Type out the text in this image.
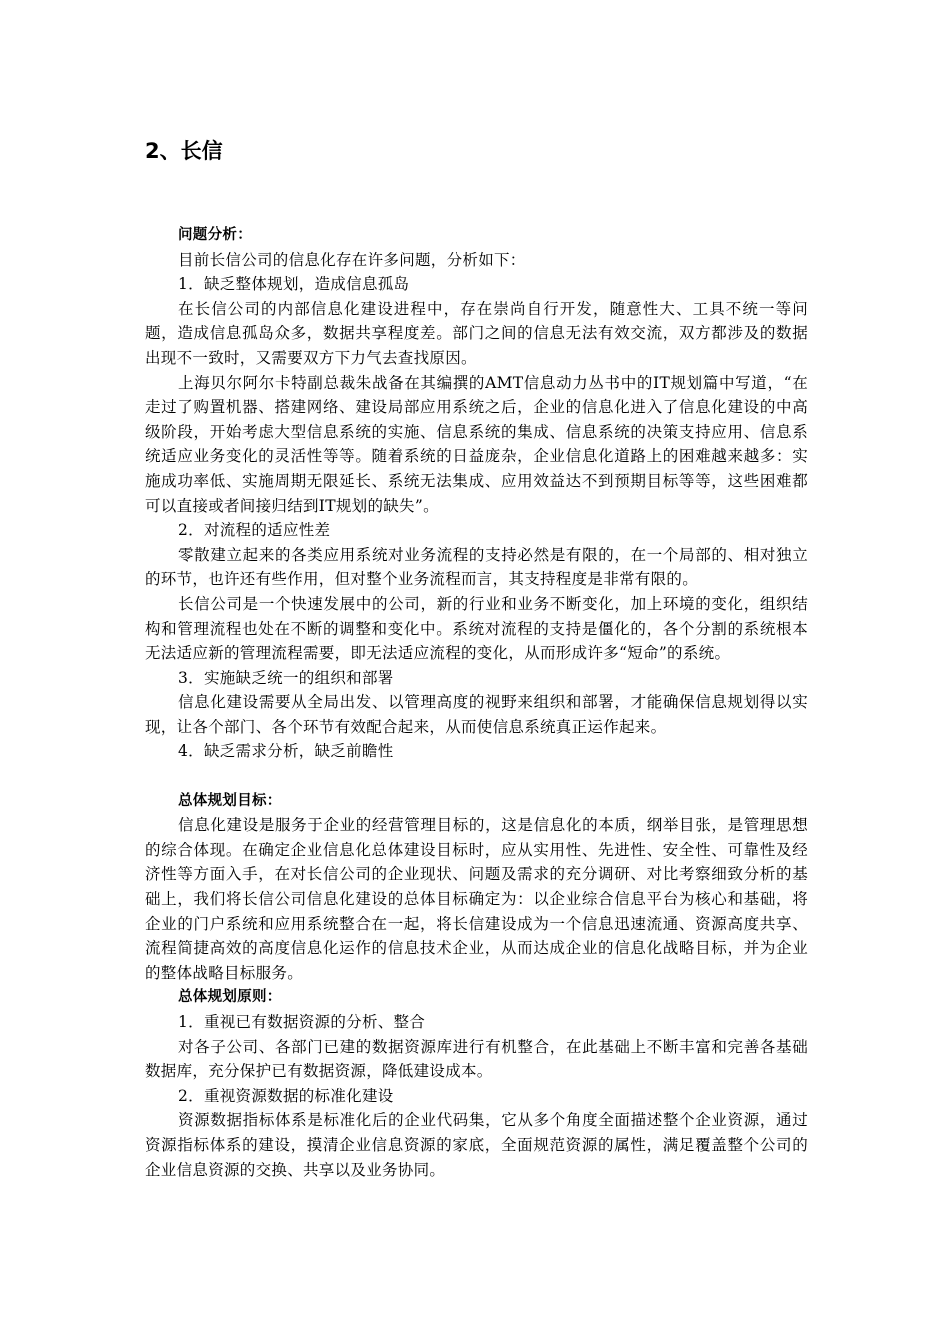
2、长信

问题分析：

目前长信公司的信息化存在许多问题，分析如下：

1．缺乏整体规划，造成信息孤岛

在长信公司的内部信息化建设进程中，存在崇尚自行开发，随意性大、工具不统一等问题，造成信息孤岛众多，数据共享程度差。部门之间的信息无法有效交流，双方都涉及的数据出现不一致时，又需要双方下力气去查找原因。

上海贝尔阿尔卡特副总裁朱战备在其编撰的AMT信息动力丛书中的IT规划篇中写道，“在走过了购置机器、搭建网络、建设局部应用系统之后，企业的信息化进入了信息化建设的中高级阶段，开始考虑大型信息系统的实施、信息系统的集成、信息系统的决策支持应用、信息系统适应业务变化的灵活性等等。随着系统的日益庞杂，企业信息化道路上的困难越来越多：实施成功率低、实施周期无限延长、系统无法集成、应用效益达不到预期目标等等，这些困难都可以直接或者间接归结到IT规划的缺失”。

2．对流程的适应性差

零散建立起来的各类应用系统对业务流程的支持必然是有限的，在一个局部的、相对独立的环节，也许还有些作用，但对整个业务流程而言，其支持程度是非常有限的。

长信公司是一个快速发展中的公司，新的行业和业务不断变化，加上环境的变化，组织结构和管理流程也处在不断的调整和变化中。系统对流程的支持是僵化的，各个分割的系统根本无法适应新的管理流程需要，即无法适应流程的变化，从而形成许多“短命”的系统。

3．实施缺乏统一的组织和部署

信息化建设需要从全局出发、以管理高度的视野来组织和部署，才能确保信息规划得以实现，让各个部门、各个环节有效配合起来，从而使信息系统真正运作起来。

4．缺乏需求分析，缺乏前瞻性

总体规划目标：

信息化建设是服务于企业的经营管理目标的，这是信息化的本质，纲举目张，是管理思想的综合体现。在确定企业信息化总体建设目标时，应从实用性、先进性、安全性、可靠性及经济性等方面入手，在对长信公司的企业现状、问题及需求的充分调研、对比考察细致分析的基础上，我们将长信公司信息化建设的总体目标确定为：以企业综合信息平台为核心和基础，将企业的门户系统和应用系统整合在一起，将长信建设成为一个信息迅速流通、资源高度共享、流程简捷高效的高度信息化运作的信息技术企业，从而达成企业的信息化战略目标，并为企业的整体战略目标服务。

总体规划原则：

1．重视已有数据资源的分析、整合

对各子公司、各部门已建的数据资源库进行有机整合，在此基础上不断丰富和完善各基础数据库，充分保护已有数据资源，降低建设成本。

2．重视资源数据的标准化建设

资源数据指标体系是标准化后的企业代码集，它从多个角度全面描述整个企业资源，通过资源指标体系的建设，摸清企业信息资源的家底，全面规范资源的属性，满足覆盖整个公司的企业信息资源的交换、共享以及业务协同。
